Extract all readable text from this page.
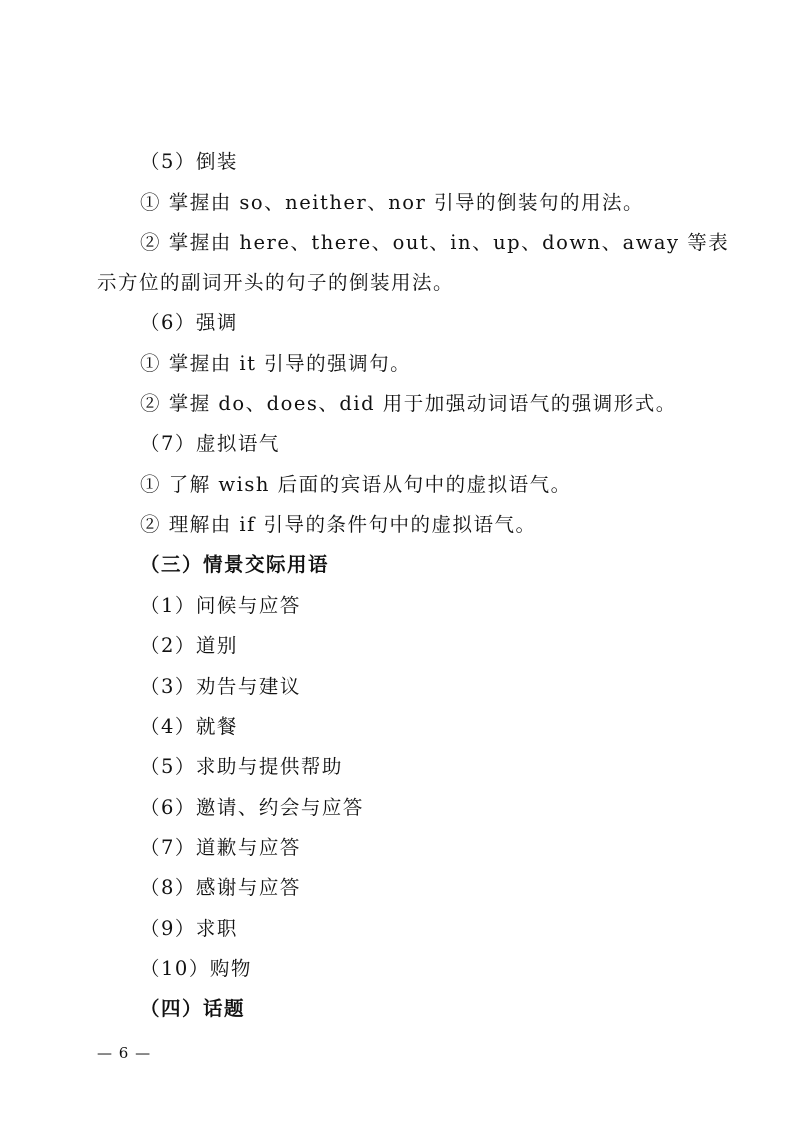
（5）倒装
① 掌握由 so、neither、nor 引导的倒装句的用法。
② 掌握由 here、there、out、in、up、down、away 等表
示方位的副词开头的句子的倒装用法。
（6）强调
① 掌握由 it 引导的强调句。
② 掌握 do、does、did 用于加强动词语气的强调形式。
（7）虚拟语气
① 了解 wish 后面的宾语从句中的虚拟语气。
② 理解由 if 引导的条件句中的虚拟语气。
（三）情景交际用语
（1）问候与应答
（2）道别
（3）劝告与建议
（4）就餐
（5）求助与提供帮助
（6）邀请、约会与应答
（7）道歉与应答
（8）感谢与应答
（9）求职
（10）购物
（四）话题
— 6 —
